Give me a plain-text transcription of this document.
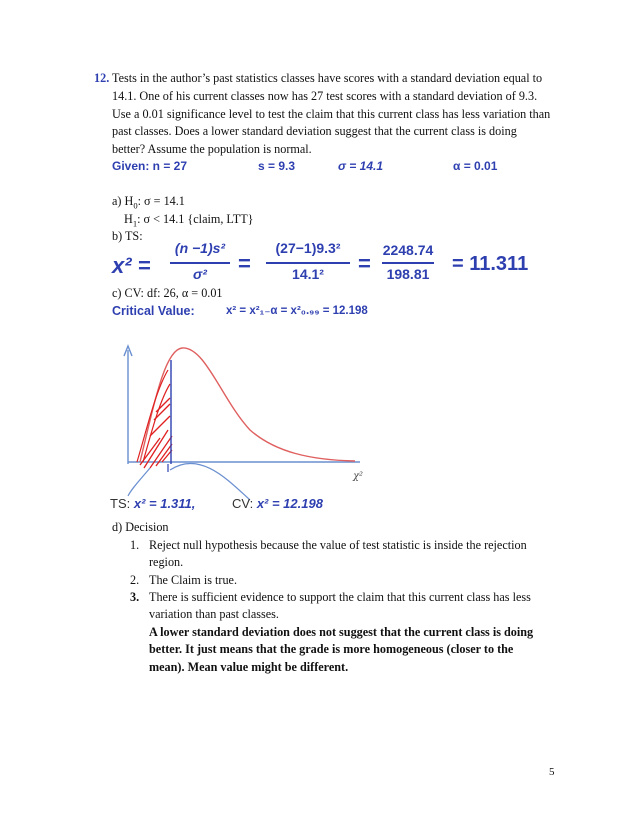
12. Tests in the author’s past statistics classes have scores with a standard deviation equal to
14.1. One of his current classes now has 27 test scores with a standard deviation of 9.3.
Use a 0.01 significance level to test the claim that this current class has less variation than
past classes. Does a lower standard deviation suggest that the current class is doing
better? Assume the population is normal.
Given: n = 27	s = 9.3	σ = 14.1	α = 0.01
a) $H_0$: σ = 14.1
$H_1$: σ < 14.1 {claim, LTT}
b) TS:
x² =
(n −1)s²
σ²	=
(27−1)9.3²
14.1²	=
2248.74
198.81 = 11.311
c) CV: df: 26, α = 0.01
Critical Value:	x² = x²₁₋α = x²₀.₉₉ = 12.198
χ²
TS: x² = 1.311,	CV: x² = 12.198
d) Decision
1. Reject null hypothesis because the value of test statistic is inside the rejection
region.
2. The Claim is true.
3. There is sufficient evidence to support the claim that this current class has less
variation than past classes.
A lower standard deviation does not suggest that the current class is doing
better. It just means that the grade is more homogeneous (closer to the
mean). Mean value might be different.
5
